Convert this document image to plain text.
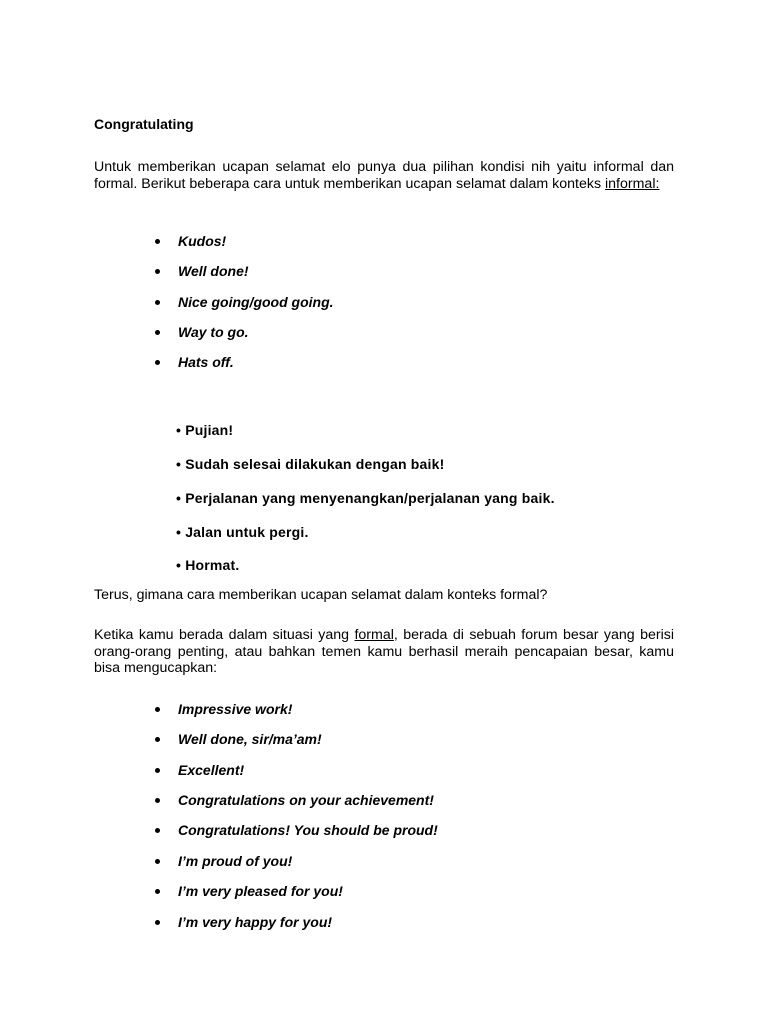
Congratulating

Untuk memberikan ucapan selamat elo punya dua pilihan kondisi nih yaitu informal dan formal. Berikut beberapa cara untuk memberikan ucapan selamat dalam konteks informal:

Kudos!
Well done!
Nice going/good going.
Way to go.
Hats off.
• Pujian!
• Sudah selesai dilakukan dengan baik!
• Perjalanan yang menyenangkan/perjalanan yang baik.
• Jalan untuk pergi.
• Hormat.

Terus, gimana cara memberikan ucapan selamat dalam konteks formal?

Ketika kamu berada dalam situasi yang formal, berada di sebuah forum besar yang berisi orang-orang penting, atau bahkan temen kamu berhasil meraih pencapaian besar, kamu bisa mengucapkan:

Impressive work!
Well done, sir/ma’am!
Excellent!
Congratulations on your achievement!
Congratulations! You should be proud!
I’m proud of you!
I’m very pleased for you!
I’m very happy for you!
